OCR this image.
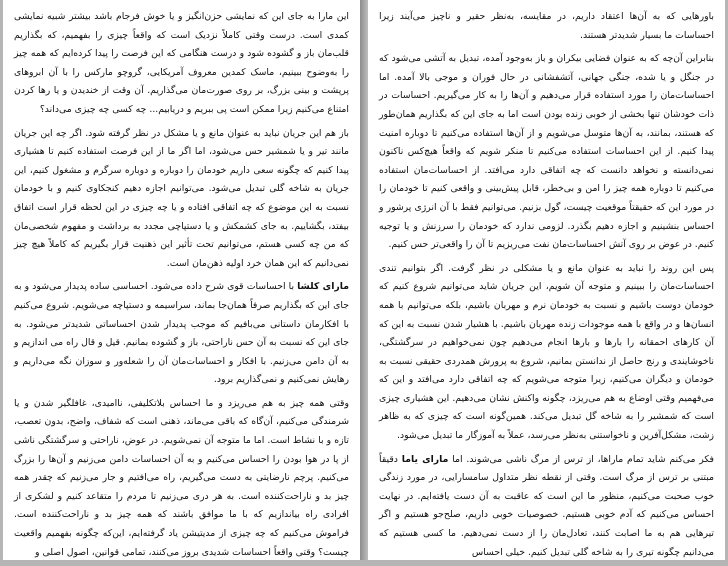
این مارا به جای این که نمایشی حزن‌انگیز و یا خوش فرجام باشد بیشتر شبیه نمایشی کمدی است. درست وقتی کاملاً نزدیک است که واقعاً چیزی را بفهمیم، که بگذاریم قلب‌مان باز و گشوده شود و درست هنگامی که این فرصت را پیدا کرده‌ایم که همه چیز را به‌وضوح ببینیم، ماسک کمدین معروف آمریکایی، گروچو مارکس را با آن ابروهای پرپشت و بینی بزرگ، بر روی صورت‌مان می‌گذاریم. آن وقت از خندیدن و یا رها کردن امتناع می‌کنیم زیرا ممکن است پی ببریم و دریابیم... چه کسی چه چیزی می‌داند؟

باز هم این جریان نباید به عنوان مانع و یا مشکل در نظر گرفته شود. اگر چه این جریان مانند تیر و یا شمشیر حس می‌شود، اما اگر ما از این فرصت استفاده کنیم تا هشیاری پیدا کنیم که چگونه سعی داریم خودمان را دوباره و دوباره سرگرم و مشغول کنیم، این جریان به شاخه گلی تبدیل می‌شود. می‌توانیم اجازه دهیم کنجکاوی کنیم و با خودمان نسبت به این موضوع که چه اتفاقی افتاده و یا چه چیزی در این لحظه قرار است اتفاق بیفتد، بگشاییم. به جای کشمکش و یا دستپاچی مجدد به برداشت و مفهوم شخصی‌مان که من چه کسی هستم، می‌توانیم تحت تأثیر این ذهنیت قرار بگیریم که کاملاً هیچ چیز نمی‌دانیم که این همان خرد اولیه ذهن‌مان است.

مارای کلشا با احساسات قوی شرح داده می‌شود. احساسی ساده پدیدار می‌شود و به جای این که بگذاریم صرفاً همان‌جا بماند، سراسیمه و دستپاچه می‌شویم. شروع می‌کنیم با افکارمان داستانی می‌بافیم که موجب پدیدار شدن احساساتی شدیدتر می‌شود. به جای این که نسبت به آن حس ناراحتی، باز و گشوده بمانیم. قیل و قال راه می اندازیم و به آن دامن می‌زنیم. با افکار و احساسات‌مان آن را شعله‌ور و سوزان نگه می‌داریم و رهایش نمی‌کنیم و نمی‌گذاریم برود.

وقتی همه چیز به هم می‌ریزد و ما احساس بلاتکلیفی، ناامیدی، غافلگیر شدن و یا شرمندگی می‌کنیم، آن‌گاه که باقی می‌ماند، ذهنی است که شفاف، واضح، بدون تعصب، تازه و با نشاط است. اما ما متوجه آن نمی‌شویم. در عوض، ناراحتی و سرگشتگی ناشی از پا در هوا بودن را احساس می‌کنیم و به آن احساسات دامن می‌زنیم و آن‌ها را بزرگ می‌کنیم. پرچم نارضایتی به دست می‌گیریم، راه می‌افتیم و جار می‌زنیم که چقدر همه چیز بد و ناراحت‌کننده است. به هر دری می‌زنیم تا مردم را متقاعد کنیم و لشکری از افرادی راه بیاندازیم که با ما موافق باشند که همه چیز بد و ناراحت‌کننده است. فراموش می‌کنیم که چه چیزی از مدیتیشن یاد گرفته‌ایم، این‌که چگونه بفهمیم واقعیت چیست؟ وقتی واقعاً احساسات شدیدی بروز می‌کنند، تمامی قوانین، اصول اصلی و

باورهایی که به آن‌ها اعتقاد داریم، در مقایسه، به‌نظر حقیر و ناچیز می‌آیند زیرا احساسات ما بسیار شدیدتر هستند.

بنابراین آن‌چه که به عنوان فضایی بیکران و باز به‌وجود آمده، تبدیل به آتشی می‌شود که در جنگل و یا شده، جنگی جهانی، آتشفشانی در حال فوران و موجی بالا آمده. اما احساسات‌مان را مورد استفاده قرار می‌دهیم و آن‌ها را به کار می‌گیریم. احساسات در ذات خودشان تنها بخشی از خوبی زنده بودن است اما به جای این که بگذاریم همان‌طور که هستند، بمانند، به آن‌ها متوسل می‌شویم و از آن‌ها استفاده می‌کنیم تا دوباره امنیت پیدا کنیم. از این احساسات استفاده می‌کنیم تا منکر شویم که واقعاً هیچ‌کس ناکنون نمی‌دانسته و نخواهد دانست که چه اتفاقی دارد می‌افتد. از احساسات‌مان استفاده می‌کنیم تا دوباره همه چیز را امن و بی‌خطر، قابل پیش‌بینی و واقعی کنیم تا خودمان را در مورد این که حقیقتاً موقعیت چیست، گول بزنیم. می‌توانیم فقط با آن انرژی پرشور و احساس بنشینیم و اجازه دهیم بگذرد. لزومی ندارد که خودمان را سرزنش و یا توجیه کنیم. در عوض بر روی آتش احساسات‌مان نفت می‌ریزیم تا آن را واقعی‌تر حس کنیم.

پس این روند را نباید به عنوان مانع و یا مشکلی در نظر گرفت. اگر بتوانیم تندی احساسات‌مان را ببینیم و متوجه آن شویم، این جریان شاید می‌توانیم شروع کنیم که خودمان دوست باشیم و نسبت به خودمان نرم و مهربان باشیم، بلکه می‌توانیم با همه انسان‌ها و در واقع با همه موجودات زنده مهربان باشیم. با هشیار شدن نسبت به این که آن کارهای احمقانه را بارها و بارها انجام می‌دهیم چون نمی‌خواهیم در سرگشتگی، ناخوشایندی و رنج حاصل از ندانستن بمانیم، شروع به پرورش همدردی حقیقی نسبت به خودمان و دیگران می‌کنیم، زیرا متوجه می‌شویم که چه اتفاقی دارد می‌افتد و این که می‌فهمیم وقتی اوضاع به هم می‌ریزد، چگونه واکنش نشان می‌دهیم. این هشیاری چیزی است که شمشیر را به شاخه گل تبدیل می‌کند. همین‌گونه است که چیزی که به ظاهر زشت، مشکل‌آفرین و ناخواستنی به‌نظر می‌رسد، عملاً به آموزگار ما تبدیل می‌شود.

فکر می‌کنم شاید تمام ماراها، از ترس از مرگ ناشی می‌شوند. اما مارای یاما دقیقاً مبتنی بر ترس از مرگ است. وقتی از نقطه نظر متداول سامسارایی، در مورد زندگی خوب صحبت می‌کنیم، منظور ما این است که عاقبت به آن دست یافته‌ایم. در نهایت احساس می‌کنیم که آدم خوبی هستیم. خصوصیات خوبی داریم، صلح‌جو هستیم و اگر تیرهایی هم به ما اصابت کنند، تعادل‌مان را از دست نمی‌دهیم. ما کسی هستیم که می‌دانیم چگونه تیری را به شاخه گلی تبدیل کنیم. خیلی احساس
